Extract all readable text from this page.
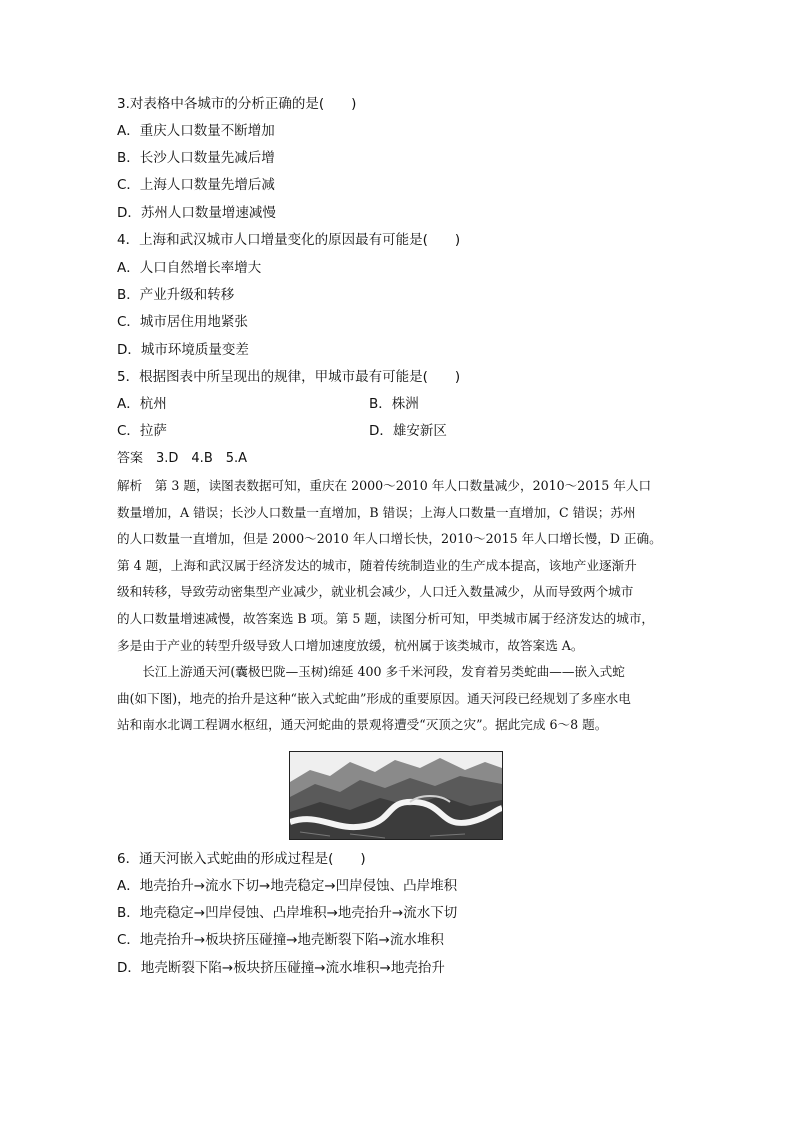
3.对表格中各城市的分析正确的是(　　)
A．重庆人口数量不断增加
B．长沙人口数量先减后增
C．上海人口数量先增后减
D．苏州人口数量增速减慢
4．上海和武汉城市人口增量变化的原因最有可能是(　　)
A．人口自然增长率增大
B．产业升级和转移
C．城市居住用地紧张
D．城市环境质量变差
5．根据图表中所呈现出的规律，甲城市最有可能是(　　)
A．杭州	B．株洲
C．拉萨	D．雄安新区
答案　3.D　4.B　5.A
解析　第 3 题，读图表数据可知，重庆在 2000～2010 年人口数量减少，2010～2015 年人口
数量增加，A 错误；长沙人口数量一直增加，B 错误；上海人口数量一直增加，C 错误；苏州
的人口数量一直增加，但是 2000～2010 年人口增长快，2010～2015 年人口增长慢，D 正确。
第 4 题，上海和武汉属于经济发达的城市，随着传统制造业的生产成本提高，该地产业逐渐升
级和转移，导致劳动密集型产业减少，就业机会减少，人口迁入数量减少，从而导致两个城市
的人口数量增速减慢，故答案选 B 项。第 5 题，读图分析可知，甲类城市属于经济发达的城市，
多是由于产业的转型升级导致人口增加速度放缓，杭州属于该类城市，故答案选 A。
长江上游通天河(囊极巴陇—玉树)绵延 400 多千米河段，发育着另类蛇曲——嵌入式蛇
曲(如下图)，地壳的抬升是这种“嵌入式蛇曲”形成的重要原因。通天河段已经规划了多座水电
站和南水北调工程调水枢纽，通天河蛇曲的景观将遭受“灭顶之灾”。据此完成 6～8 题。
6．通天河嵌入式蛇曲的形成过程是(　　)
A．地壳抬升→流水下切→地壳稳定→凹岸侵蚀、凸岸堆积
B．地壳稳定→凹岸侵蚀、凸岸堆积→地壳抬升→流水下切
C．地壳抬升→板块挤压碰撞→地壳断裂下陷→流水堆积
D．地壳断裂下陷→板块挤压碰撞→流水堆积→地壳抬升
